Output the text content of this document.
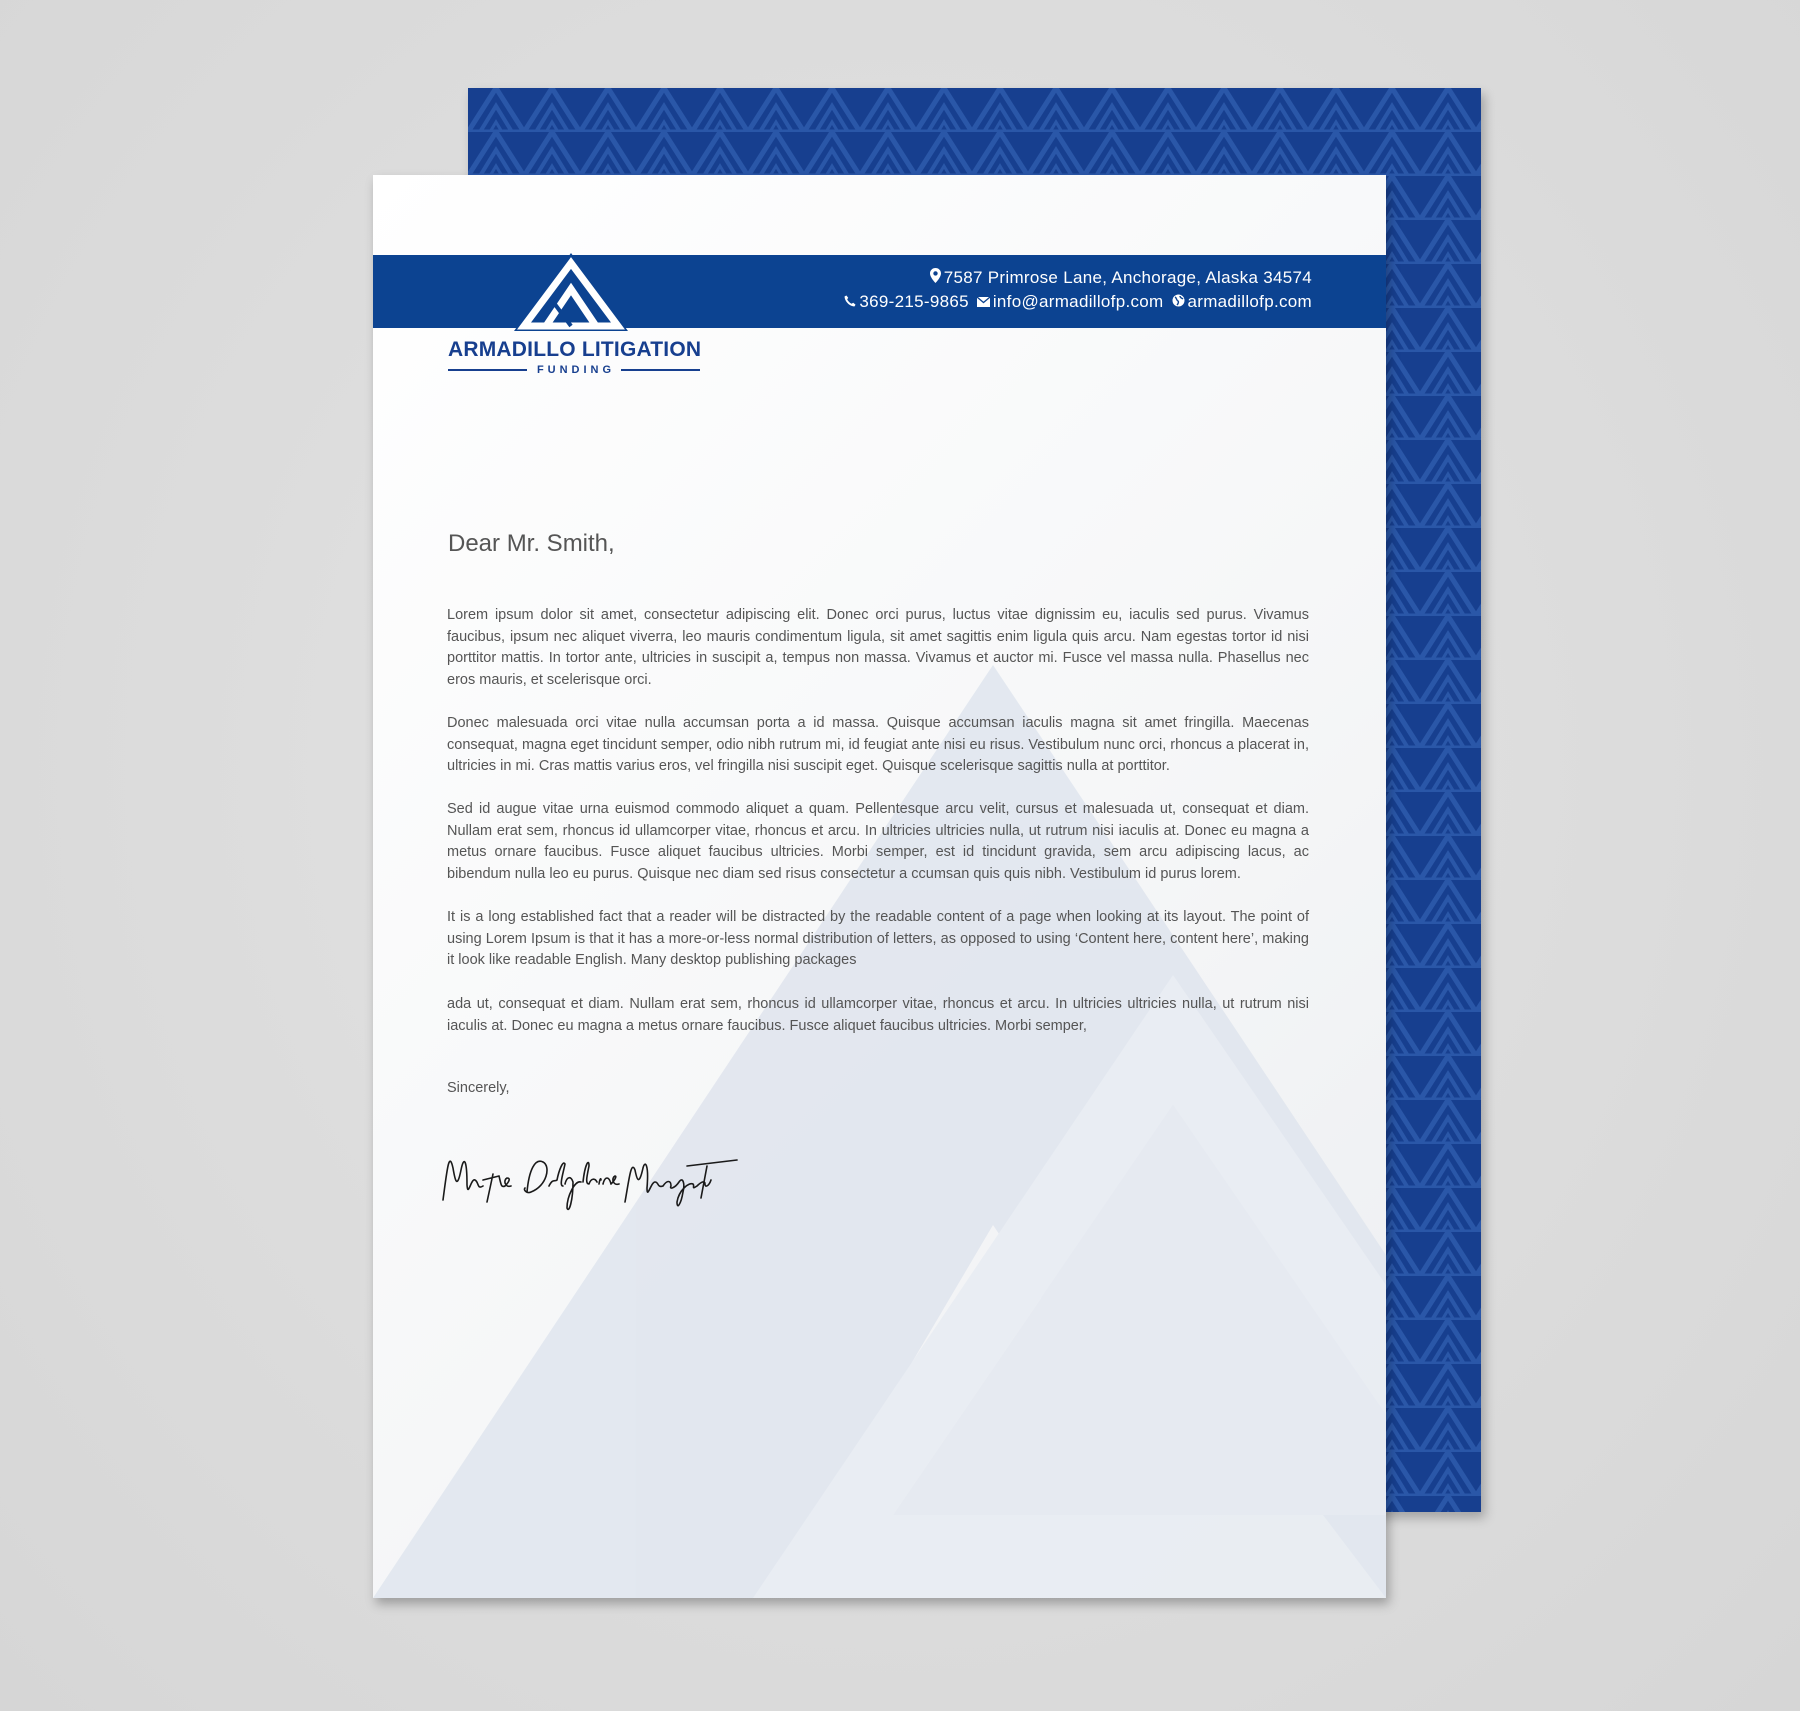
ARMADILLO LITIGATION
FUNDING
7587 Primrose Lane, Anchorage, Alaska 34574
369-215-9865 info@armadillofp.com armadillofp.com
Dear Mr. Smith,

Lorem ipsum dolor sit amet, consectetur adipiscing elit. Donec orci purus, luctus vitae dignissim eu, iaculis sed purus. Vivamus faucibus, ipsum nec aliquet viverra, leo mauris condimentum ligula, sit amet sagittis enim ligula quis arcu. Nam egestas tortor id nisi porttitor mattis. In tortor ante, ultricies in suscipit a, tempus non massa. Vivamus et auctor mi. Fusce vel massa nulla. Phasellus nec eros mauris, et scelerisque orci.

Donec malesuada orci vitae nulla accumsan porta a id massa. Quisque accumsan iaculis magna sit amet fringilla. Maecenas consequat, magna eget tincidunt semper, odio nibh rutrum mi, id feugiat ante nisi eu risus. Vestibulum nunc orci, rhoncus a placerat in, ultricies in mi. Cras mattis varius eros, vel fringilla nisi suscipit eget. Quisque scelerisque sagittis nulla at porttitor.

Sed id augue vitae urna euismod commodo aliquet a quam. Pellentesque arcu velit, cursus et malesuada ut, consequat et diam. Nullam erat sem, rhoncus id ullamcorper vitae, rhoncus et arcu. In ultricies ultricies nulla, ut rutrum nisi iaculis at. Donec eu magna a metus ornare faucibus. Fusce aliquet faucibus ultricies. Morbi semper, est id tincidunt gravida, sem arcu adipiscing lacus, ac bibendum nulla leo eu purus. Quisque nec diam sed risus consectetur a ccumsan quis quis nibh. Vestibulum id purus lorem.

It is a long established fact that a reader will be distracted by the readable content of a page when looking at its layout. The point of using Lorem Ipsum is that it has a more-or-less normal distribution of letters, as opposed to using ‘Content here, content here’, making it look like readable English. Many desktop publishing packages

ada ut, consequat et diam. Nullam erat sem, rhoncus id ullamcorper vitae, rhoncus et arcu. In ultricies ultricies nulla, ut rutrum nisi iaculis at. Donec eu magna a metus ornare faucibus. Fusce aliquet faucibus ultricies. Morbi semper,

Sincerely,
